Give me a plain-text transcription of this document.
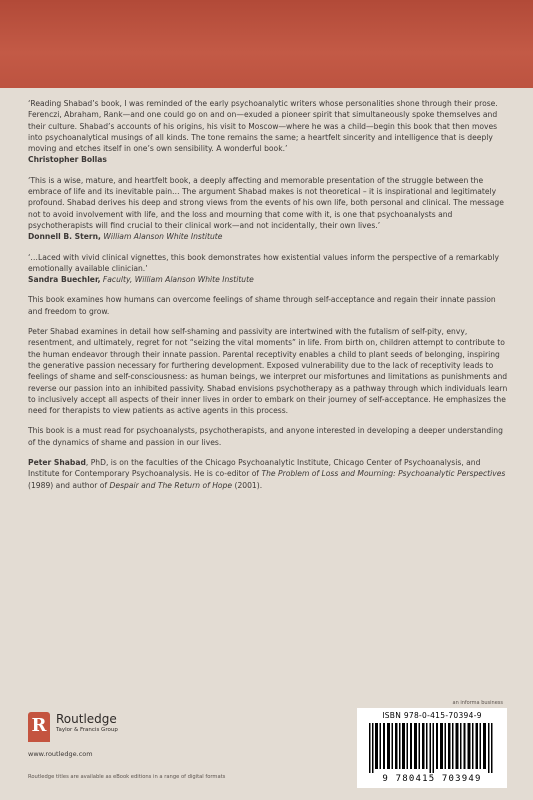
‘Reading Shabad’s book, I was reminded of the early psychoanalytic writers whose personalities shone through their prose. Ferenczi, Abraham, Rank—and one could go on and on—exuded a pioneer spirit that simultaneously spoke themselves and their culture. Shabad’s accounts of his origins, his visit to Moscow—where he was a child—begin this book that then moves into psychoanalytical musings of all kinds. The tone remains the same; a heartfelt sincerity and intelligence that is deeply moving and etches itself in one’s own sensibility. A wonderful book.’

Christopher Bollas

‘This is a wise, mature, and heartfelt book, a deeply affecting and memorable presentation of the struggle between the embrace of life and its inevitable pain… The argument Shabad makes is not theoretical – it is inspirational and legitimately profound. Shabad derives his deep and strong views from the events of his own life, both personal and clinical. The message not to avoid involvement with life, and the loss and mourning that come with it, is one that psychoanalysts and psychotherapists will find crucial to their clinical work—and not incidentally, their own lives.’

Donnell B. Stern, William Alanson White Institute

‘…Laced with vivid clinical vignettes, this book demonstrates how existential values inform the perspective of a remarkably emotionally available clinician.’

Sandra Buechler, Faculty, William Alanson White Institute

This book examines how humans can overcome feelings of shame through self-acceptance and regain their innate passion and freedom to grow.

Peter Shabad examines in detail how self-shaming and passivity are intertwined with the futalism of self-pity, envy, resentment, and ultimately, regret for not “seizing the vital moments” in life. From birth on, children attempt to contribute to the human endeavor through their innate passion. Parental receptivity enables a child to plant seeds of belonging, inspiring the generative passion necessary for furthering development. Exposed vulnerability due to the lack of receptivity leads to feelings of shame and self-consciousness: as human beings, we interpret our misfortunes and limitations as punishments and reverse our passion into an inhibited passivity. Shabad envisions psychotherapy as a pathway through which individuals learn to inclusively accept all aspects of their inner lives in order to embark on their journey of self-acceptance. He emphasizes the need for therapists to view patients as active agents in this process.

This book is a must read for psychoanalysts, psychotherapists, and anyone interested in developing a deeper understanding of the dynamics of shame and passion in our lives.

Peter Shabad, PhD, is on the faculties of the Chicago Psychoanalytic Institute, Chicago Center of Psychoanalysis, and Institute for Contemporary Psychoanalysis. He is co-editor of The Problem of Loss and Mourning: Psychoanalytic Perspectives (1989) and author of Despair and The Return of Hope (2001).

an informa business
R Routledge
Taylor & Francis Group
www.routledge.com
Routledge titles are available as eBook editions in a range of digital formats
ISBN 978-0-415-70394-9
9 780415 703949
